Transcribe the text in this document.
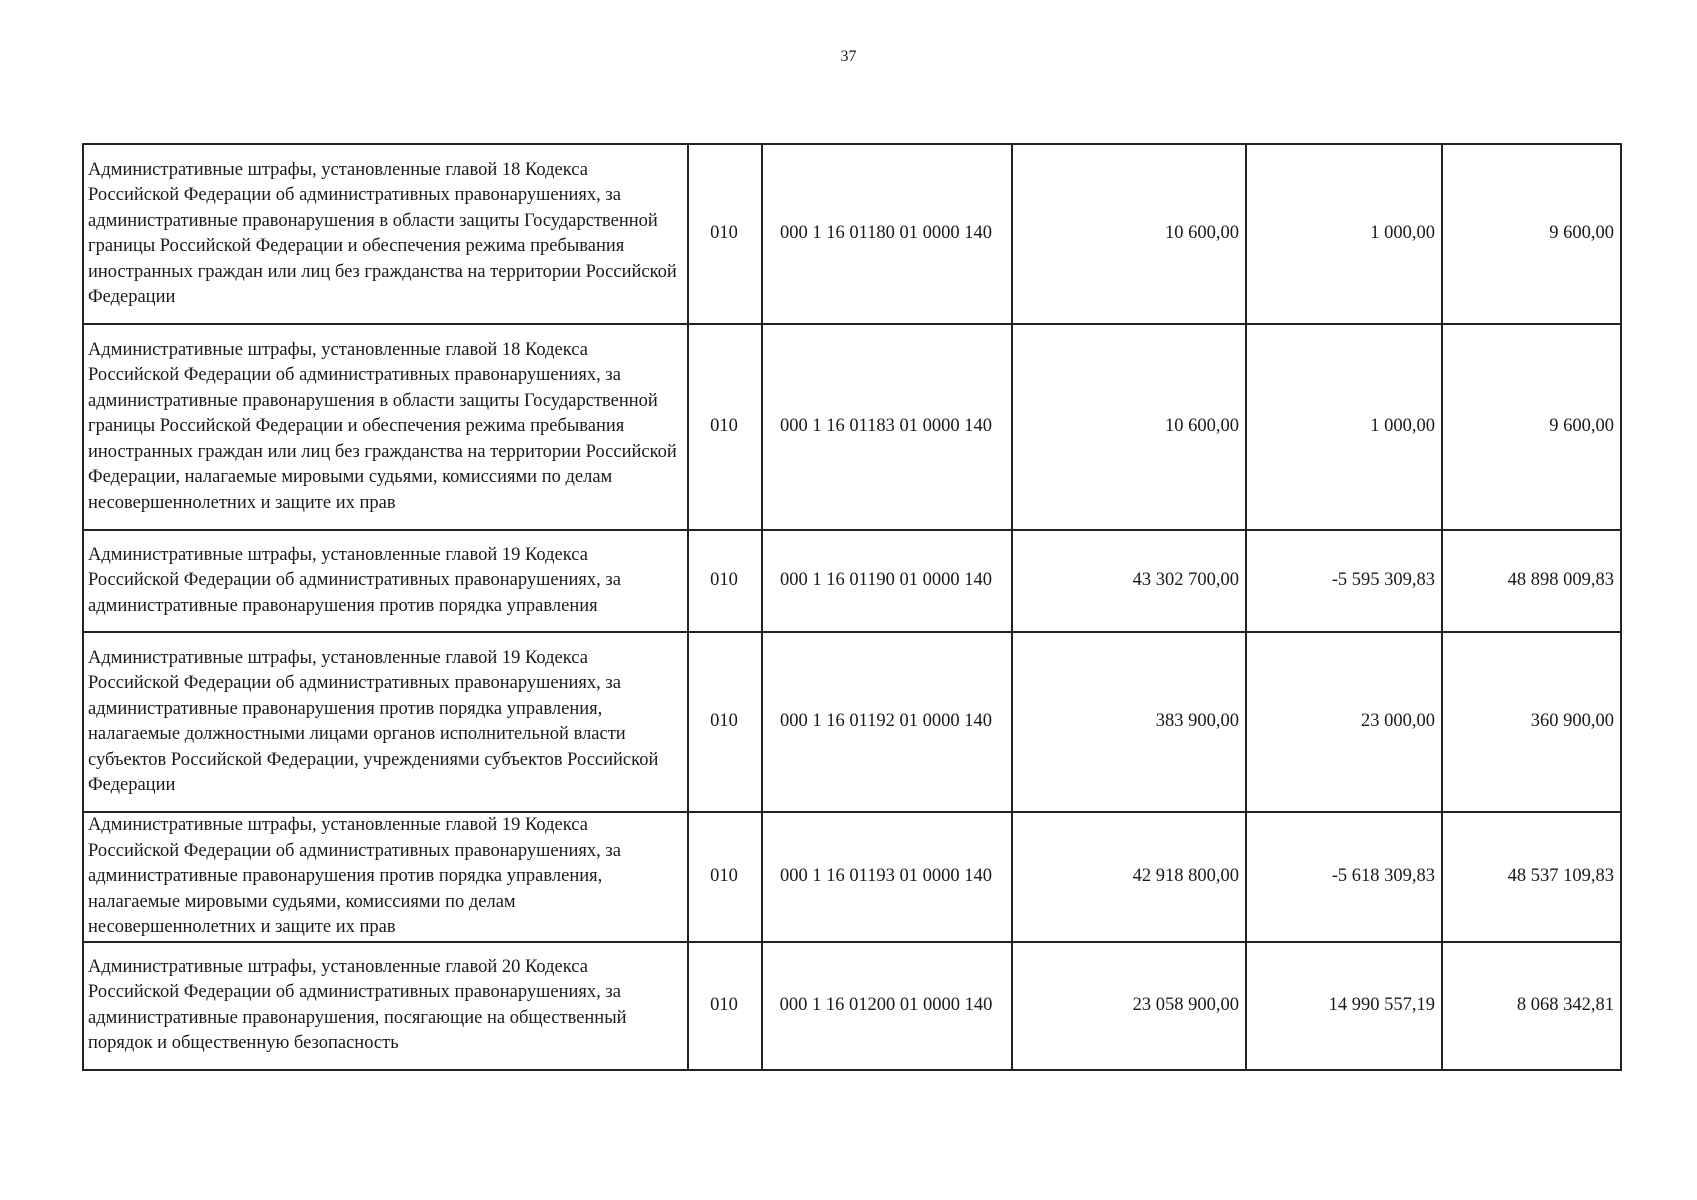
37
Административные штрафы, установленные главой 18 Кодекса Российской Федерации об административных правонарушениях, за административные правонарушения в области защиты Государственной границы Российской Федерации и обеспечения режима пребывания иностранных граждан или лиц без гражданства на территории Российской Федерации	010	000 1 16 01180 01 0000 140	10 600,00	1 000,00	9 600,00
Административные штрафы, установленные главой 18 Кодекса Российской Федерации об административных правонарушениях, за административные правонарушения в области защиты Государственной границы Российской Федерации и обеспечения режима пребывания иностранных граждан или лиц без гражданства на территории Российской Федерации, налагаемые мировыми судьями, комиссиями по делам несовершеннолетних и защите их прав	010	000 1 16 01183 01 0000 140	10 600,00	1 000,00	9 600,00
Административные штрафы, установленные главой 19 Кодекса Российской Федерации об административных правонарушениях, за административные правонарушения против порядка управления	010	000 1 16 01190 01 0000 140	43 302 700,00	-5 595 309,83	48 898 009,83
Административные штрафы, установленные главой 19 Кодекса Российской Федерации об административных правонарушениях, за административные правонарушения против порядка управления, налагаемые должностными лицами органов исполнительной власти субъектов Российской Федерации, учреждениями субъектов Российской Федерации	010	000 1 16 01192 01 0000 140	383 900,00	23 000,00	360 900,00
Административные штрафы, установленные главой 19 Кодекса Российской Федерации об административных правонарушениях, за административные правонарушения против порядка управления, налагаемые мировыми судьями, комиссиями по делам несовершеннолетних и защите их прав	010	000 1 16 01193 01 0000 140	42 918 800,00	-5 618 309,83	48 537 109,83
Административные штрафы, установленные главой 20 Кодекса Российской Федерации об административных правонарушениях, за административные правонарушения, посягающие на общественный порядок и общественную безопасность	010	000 1 16 01200 01 0000 140	23 058 900,00	14 990 557,19	8 068 342,81
